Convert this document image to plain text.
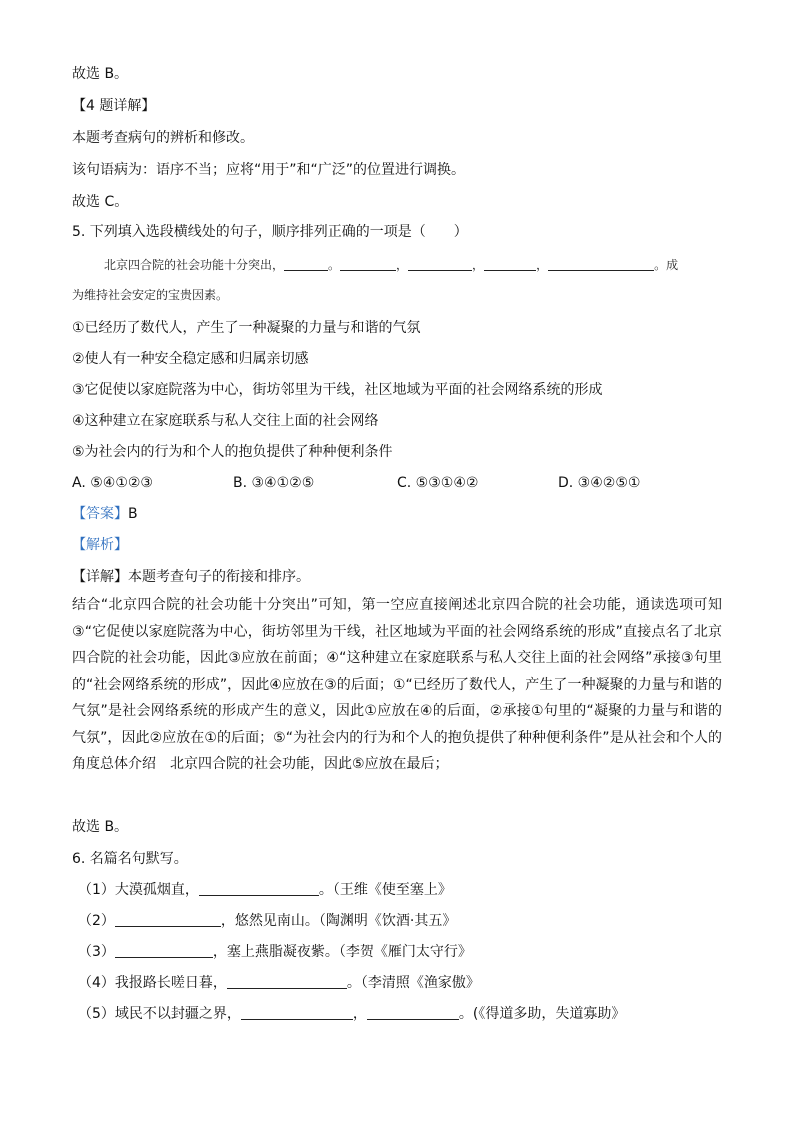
故选 B。
【4 题详解】
本题考查病句的辨析和修改。
该句语病为：语序不当；应将“用于”和“广泛”的位置进行调换。
故选 C。
5. 下列填入选段横线处的句子，顺序排列正确的一项是（　　）
北京四合院的社会功能十分突出，	。	，	，	，	。成
为维持社会安定的宝贵因素。
①已经历了数代人，产生了一种凝聚的力量与和谐的气氛
②使人有一种安全稳定感和归属亲切感
③它促使以家庭院落为中心，街坊邻里为干线，社区地域为平面的社会网络系统的形成
④这种建立在家庭联系与私人交往上面的社会网络
⑤为社会内的行为和个人的抱负提供了种种便利条件
A. ⑤④①②③	B. ③④①②⑤	C. ⑤③①④②	D. ③④②⑤①
【答案】B
【解析】
【详解】本题考查句子的衔接和排序。
结合“北京四合院的社会功能十分突出”可知，第一空应直接阐述北京四合院的社会功能，通读选项可知③“它促使以家庭院落为中心，街坊邻里为干线，社区地域为平面的社会网络系统的形成”直接点名了北京四合院的社会功能，因此③应放在前面；④“这种建立在家庭联系与私人交往上面的社会网络”承接③句里的“社会网络系统的形成”，因此④应放在③的后面；①“已经历了数代人，产生了一种凝聚的力量与和谐的气氛”是社会网络系统的形成产生的意义，因此①应放在④的后面，②承接①句里的“凝聚的力量与和谐的气氛”，因此②应放在①的后面；⑤“为社会内的行为和个人的抱负提供了种种便利条件”是从社会和个人的角度总体介绍　北京四合院的社会功能，因此⑤应放在最后；
故选 B。
6. 名篇名句默写。
（1）大漠孤烟直，	。（王维《使至塞上》
（2）	，悠然见南山。（陶渊明《饮酒·其五》
（3）	，塞上燕脂凝夜紫。（李贺《雁门太守行》
（4）我报路长嗟日暮，	。（李清照《渔家傲》
（5）域民不以封疆之界，	，	。(《得道多助，失道寡助》
